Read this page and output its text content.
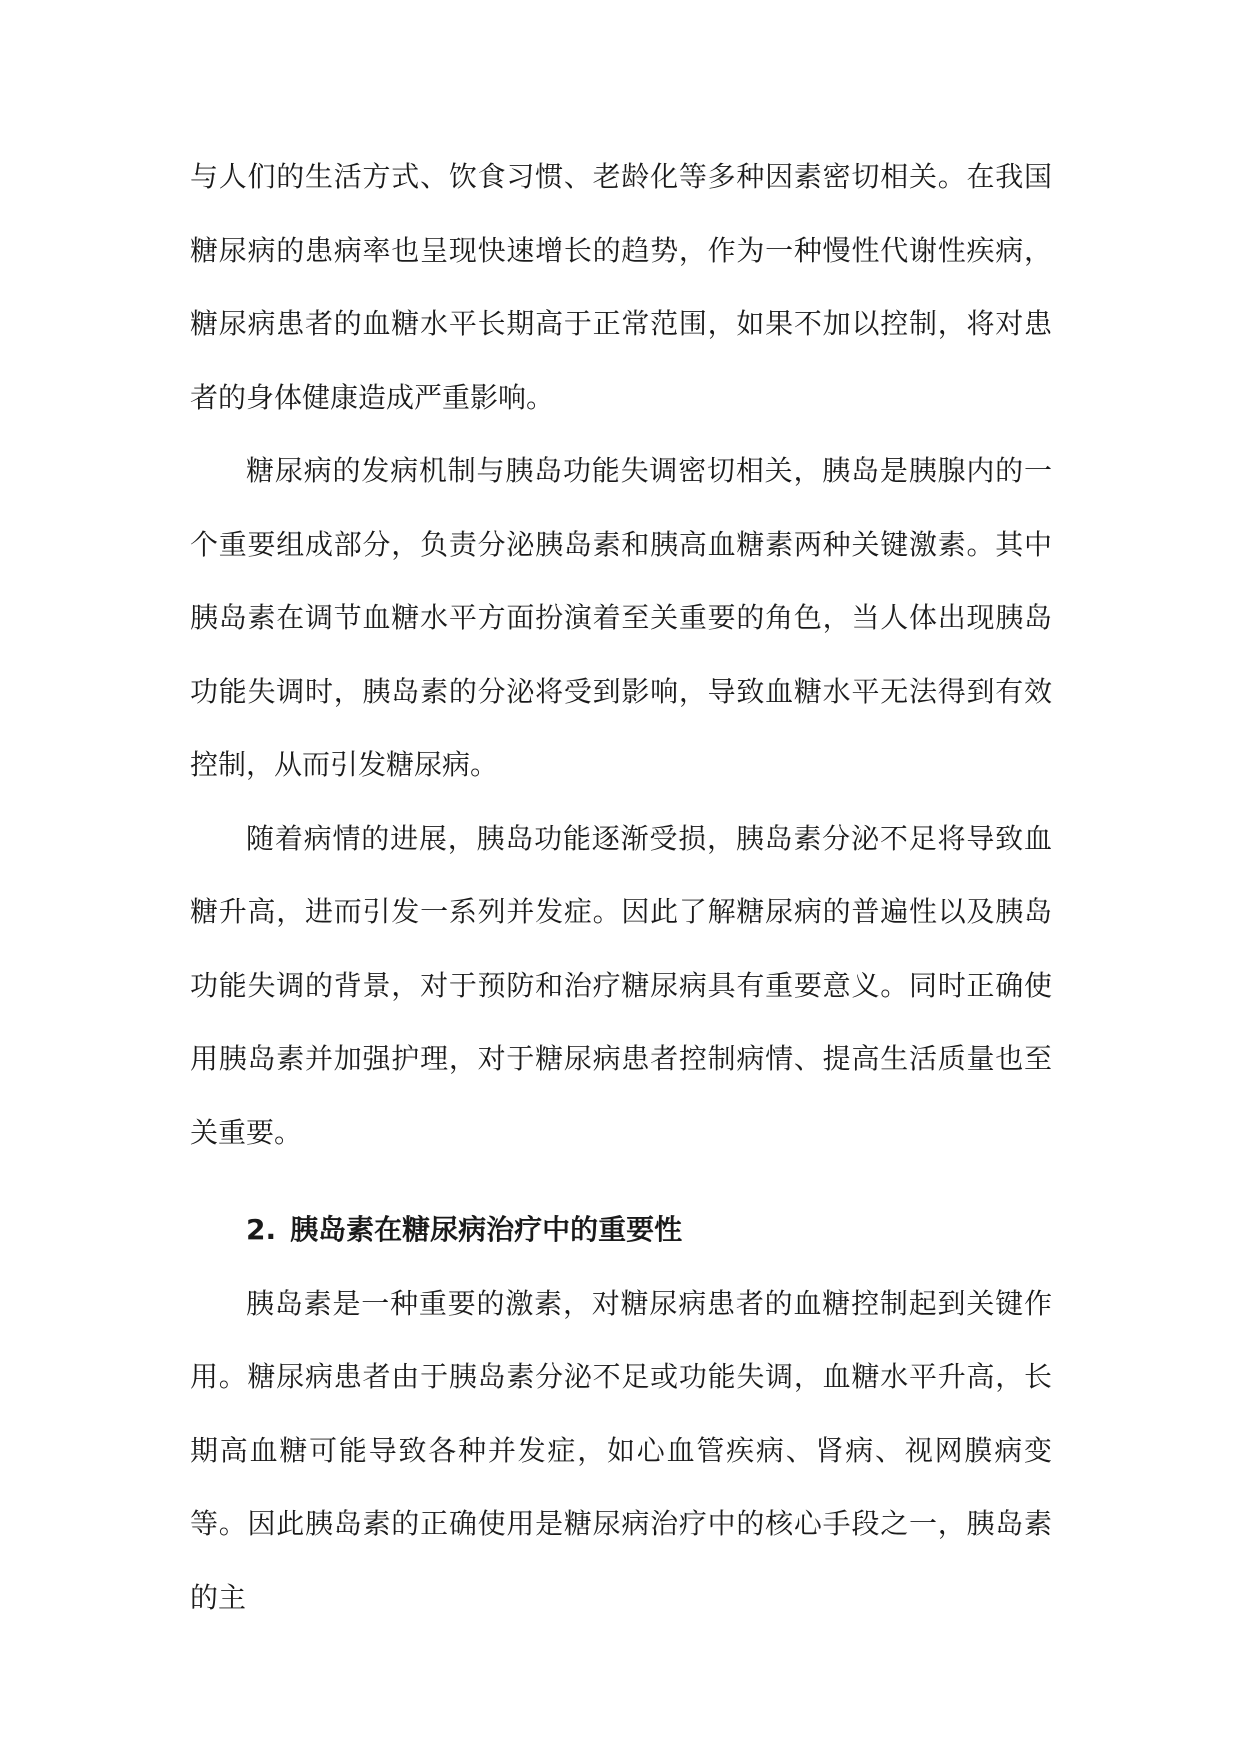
与人们的生活方式、饮食习惯、老龄化等多种因素密切相关。在我国糖尿病的患病率也呈现快速增长的趋势，作为一种慢性代谢性疾病，糖尿病患者的血糖水平长期高于正常范围，如果不加以控制，将对患者的身体健康造成严重影响。

糖尿病的发病机制与胰岛功能失调密切相关，胰岛是胰腺内的一个重要组成部分，负责分泌胰岛素和胰高血糖素两种关键激素。其中胰岛素在调节血糖水平方面扮演着至关重要的角色，当人体出现胰岛功能失调时，胰岛素的分泌将受到影响，导致血糖水平无法得到有效控制，从而引发糖尿病。

随着病情的进展，胰岛功能逐渐受损，胰岛素分泌不足将导致血糖升高，进而引发一系列并发症。因此了解糖尿病的普遍性以及胰岛功能失调的背景，对于预防和治疗糖尿病具有重要意义。同时正确使用胰岛素并加强护理，对于糖尿病患者控制病情、提高生活质量也至关重要。

2. 胰岛素在糖尿病治疗中的重要性

胰岛素是一种重要的激素，对糖尿病患者的血糖控制起到关键作用。糖尿病患者由于胰岛素分泌不足或功能失调，血糖水平升高，长期高血糖可能导致各种并发症，如心血管疾病、肾病、视网膜病变等。因此胰岛素的正确使用是糖尿病治疗中的核心手段之一，胰岛素的主
